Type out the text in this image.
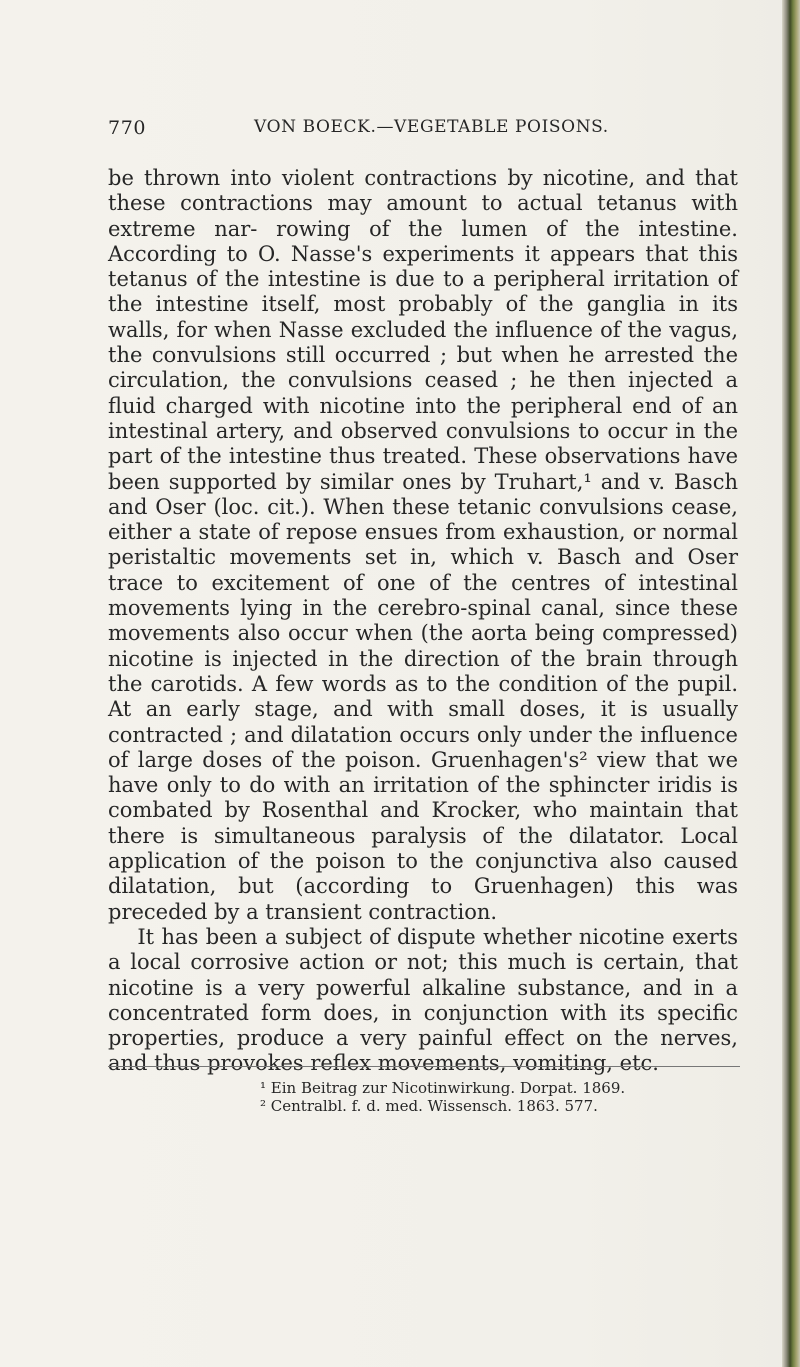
770	VON BOECK.—VEGETABLE POISONS.

be thrown into violent contractions by nicotine, and that these contractions may amount to actual tetanus with extreme nar- rowing of the lumen of the intestine. According to O. Nasse's experiments it appears that this tetanus of the intestine is due to a peripheral irritation of the intestine itself, most probably of the ganglia in its walls, for when Nasse excluded the influence of the vagus, the convulsions still occurred ; but when he arrested the circulation, the convulsions ceased ; he then injected a fluid charged with nicotine into the peripheral end of an intestinal artery, and observed convulsions to occur in the part of the intestine thus treated. These observations have been supported by similar ones by Truhart,¹ and v. Basch and Oser (loc. cit.). When these tetanic convulsions cease, either a state of repose ensues from exhaustion, or normal peristaltic movements set in, which v. Basch and Oser trace to excitement of one of the centres of intestinal movements lying in the cerebro-spinal canal, since these movements also occur when (the aorta being compressed) nicotine is injected in the direction of the brain through the carotids. A few words as to the condition of the pupil. At an early stage, and with small doses, it is usually contracted ; and dilatation occurs only under the influence of large doses of the poison. Gruenhagen's² view that we have only to do with an irritation of the sphincter iridis is combated by Rosenthal and Krocker, who maintain that there is simultaneous paralysis of the dilatator. Local application of the poison to the conjunctiva also caused dilatation, but (according to Gruenhagen) this was preceded by a transient contraction.

It has been a subject of dispute whether nicotine exerts a local corrosive action or not; this much is certain, that nicotine is a very powerful alkaline substance, and in a concentrated form does, in conjunction with its specific properties, produce a very painful effect on the nerves, and thus provokes reflex movements, vomiting, etc.

¹ Ein Beitrag zur Nicotinwirkung. Dorpat. 1869.
² Centralbl. f. d. med. Wissensch. 1863. 577.
